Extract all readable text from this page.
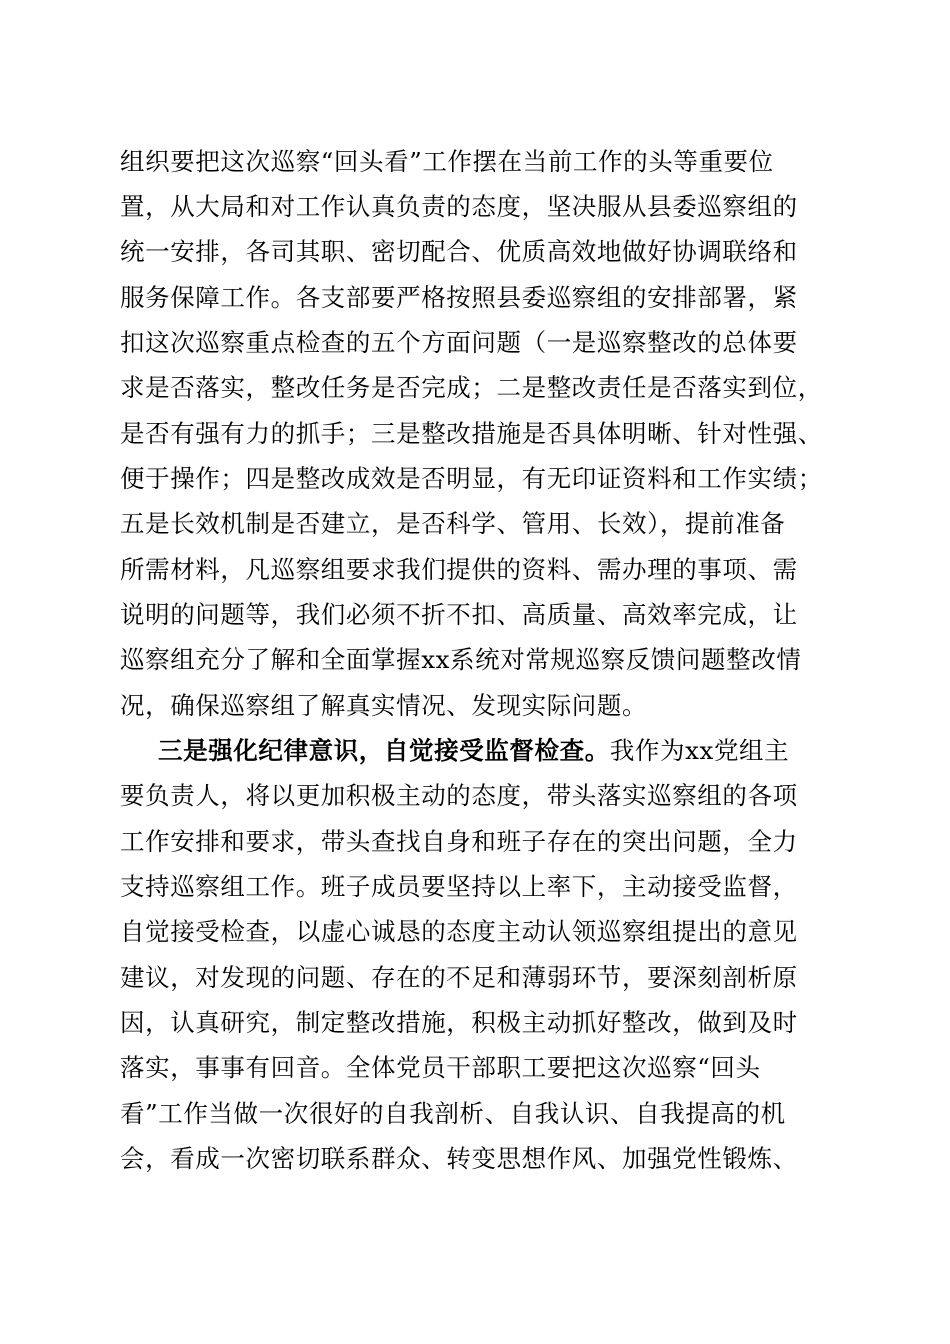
组织要把这次巡察“回头看”工作摆在当前工作的头等重要位
置，从大局和对工作认真负责的态度，坚决服从县委巡察组的
统一安排，各司其职、密切配合、优质高效地做好协调联络和
服务保障工作。各支部要严格按照县委巡察组的安排部署，紧
扣这次巡察重点检查的五个方面问题（一是巡察整改的总体要
求是否落实，整改任务是否完成；二是整改责任是否落实到位，
是否有强有力的抓手；三是整改措施是否具体明晰、针对性强、
便于操作；四是整改成效是否明显，有无印证资料和工作实绩；
五是长效机制是否建立，是否科学、管用、长效），提前准备
所需材料，凡巡察组要求我们提供的资料、需办理的事项、需
说明的问题等，我们必须不折不扣、高质量、高效率完成，让
巡察组充分了解和全面掌握xx系统对常规巡察反馈问题整改情
况，确保巡察组了解真实情况、发现实际问题。
三是强化纪律意识，自觉接受监督检查。我作为xx党组主
要负责人，将以更加积极主动的态度，带头落实巡察组的各项
工作安排和要求，带头查找自身和班子存在的突出问题，全力
支持巡察组工作。班子成员要坚持以上率下，主动接受监督，
自觉接受检查，以虚心诚恳的态度主动认领巡察组提出的意见
建议，对发现的问题、存在的不足和薄弱环节，要深刻剖析原
因，认真研究，制定整改措施，积极主动抓好整改，做到及时
落实，事事有回音。全体党员干部职工要把这次巡察“回头
看”工作当做一次很好的自我剖析、自我认识、自我提高的机
会，看成一次密切联系群众、转变思想作风、加强党性锻炼、
